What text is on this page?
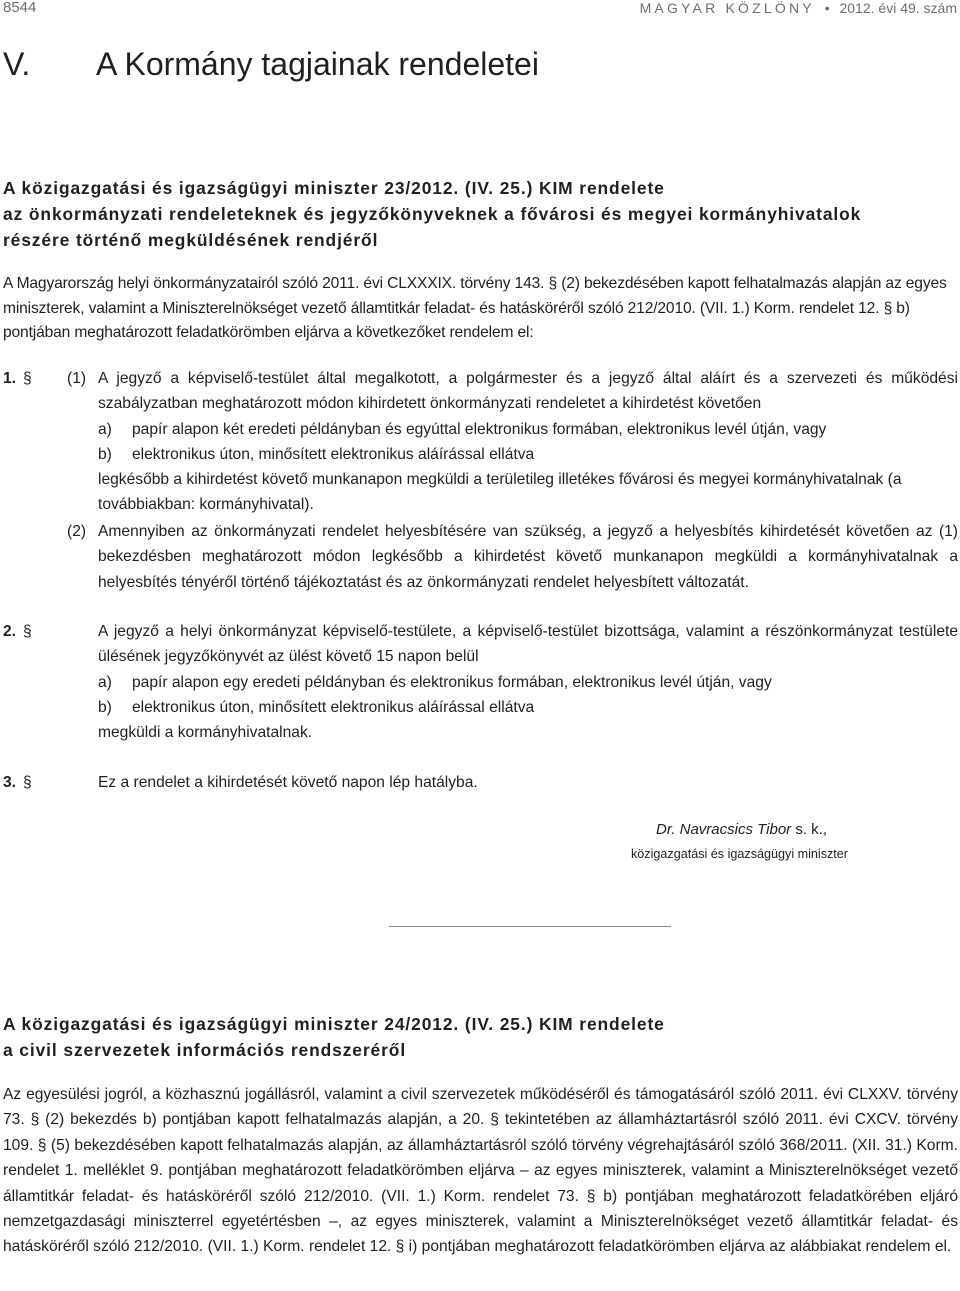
8544	MAGYAR KÖZLÖNY • 2012. évi 49. szám
V. A Kormány tagjainak rendeletei
A közigazgatási és igazságügyi miniszter 23/2012. (IV. 25.) KIM rendelete
az önkormányzati rendeleteknek és jegyzőkönyveknek a fővárosi és megyei kormányhivatalok
részére történő megküldésének rendjéről
A Magyarország helyi önkormányzatairól szóló 2011. évi CLXXXIX. törvény 143. § (2) bekezdésében kapott felhatalmazás alapján az egyes miniszterek, valamint a Miniszterelnökséget vezető államtitkár feladat- és hatásköréről szóló 212/2010. (VII. 1.) Korm. rendelet 12. § b) pontjában meghatározott feladatkörömben eljárva a következőket rendelem el:
1. § (1) A jegyző a képviselő-testület által megalkotott, a polgármester és a jegyző által aláírt és a szervezeti és működési szabályzatban meghatározott módon kihirdetett önkormányzati rendeletet a kihirdetést követően
a) papír alapon két eredeti példányban és egyúttal elektronikus formában, elektronikus levél útján, vagy
b) elektronikus úton, minősített elektronikus aláírással ellátva
legkésőbb a kihirdetést követő munkanapon megküldi a területileg illetékes fővárosi és megyei kormányhivatalnak (a továbbiakban: kormányhivatal).
(2) Amennyiben az önkormányzati rendelet helyesbítésére van szükség, a jegyző a helyesbítés kihirdetését követően az (1) bekezdésben meghatározott módon legkésőbb a kihirdetést követő munkanapon megküldi a kormányhivatalnak a helyesbítés tényéről történő tájékoztatást és az önkormányzati rendelet helyesbített változatát.
2. §	A jegyző a helyi önkormányzat képviselő-testülete, a képviselő-testület bizottsága, valamint a részönkormányzat testülete ülésének jegyzőkönyvét az ülést követő 15 napon belül
a) papír alapon egy eredeti példányban és elektronikus formában, elektronikus levél útján, vagy
b) elektronikus úton, minősített elektronikus aláírással ellátva
megküldi a kormányhivatalnak.
3. §	Ez a rendelet a kihirdetését követő napon lép hatályba.
Dr. Navracsics Tibor s. k.,
közigazgatási és igazságügyi miniszter
A közigazgatási és igazságügyi miniszter 24/2012. (IV. 25.) KIM rendelete
a civil szervezetek információs rendszeréről
Az egyesülési jogról, a közhasznú jogállásról, valamint a civil szervezetek működéséről és támogatásáról szóló 2011. évi CLXXV. törvény 73. § (2) bekezdés b) pontjában kapott felhatalmazás alapján, a 20. § tekintetében az államháztartásról szóló 2011. évi CXCV. törvény 109. § (5) bekezdésében kapott felhatalmazás alapján, az államháztartásról szóló törvény végrehajtásáról szóló 368/2011. (XII. 31.) Korm. rendelet 1. melléklet 9. pontjában meghatározott feladatkörömben eljárva – az egyes miniszterek, valamint a Miniszterelnökséget vezető államtitkár feladat- és hatásköréről szóló 212/2010. (VII. 1.) Korm. rendelet 73. § b) pontjában meghatározott feladatkörében eljáró nemzetgazdasági miniszterrel egyetértésben –, az egyes miniszterek, valamint a Miniszterelnökséget vezető államtitkár feladat- és hatásköréről szóló 212/2010. (VII. 1.) Korm. rendelet 12. § i) pontjában meghatározott feladatkörömben eljárva az alábbiakat rendelem el.
